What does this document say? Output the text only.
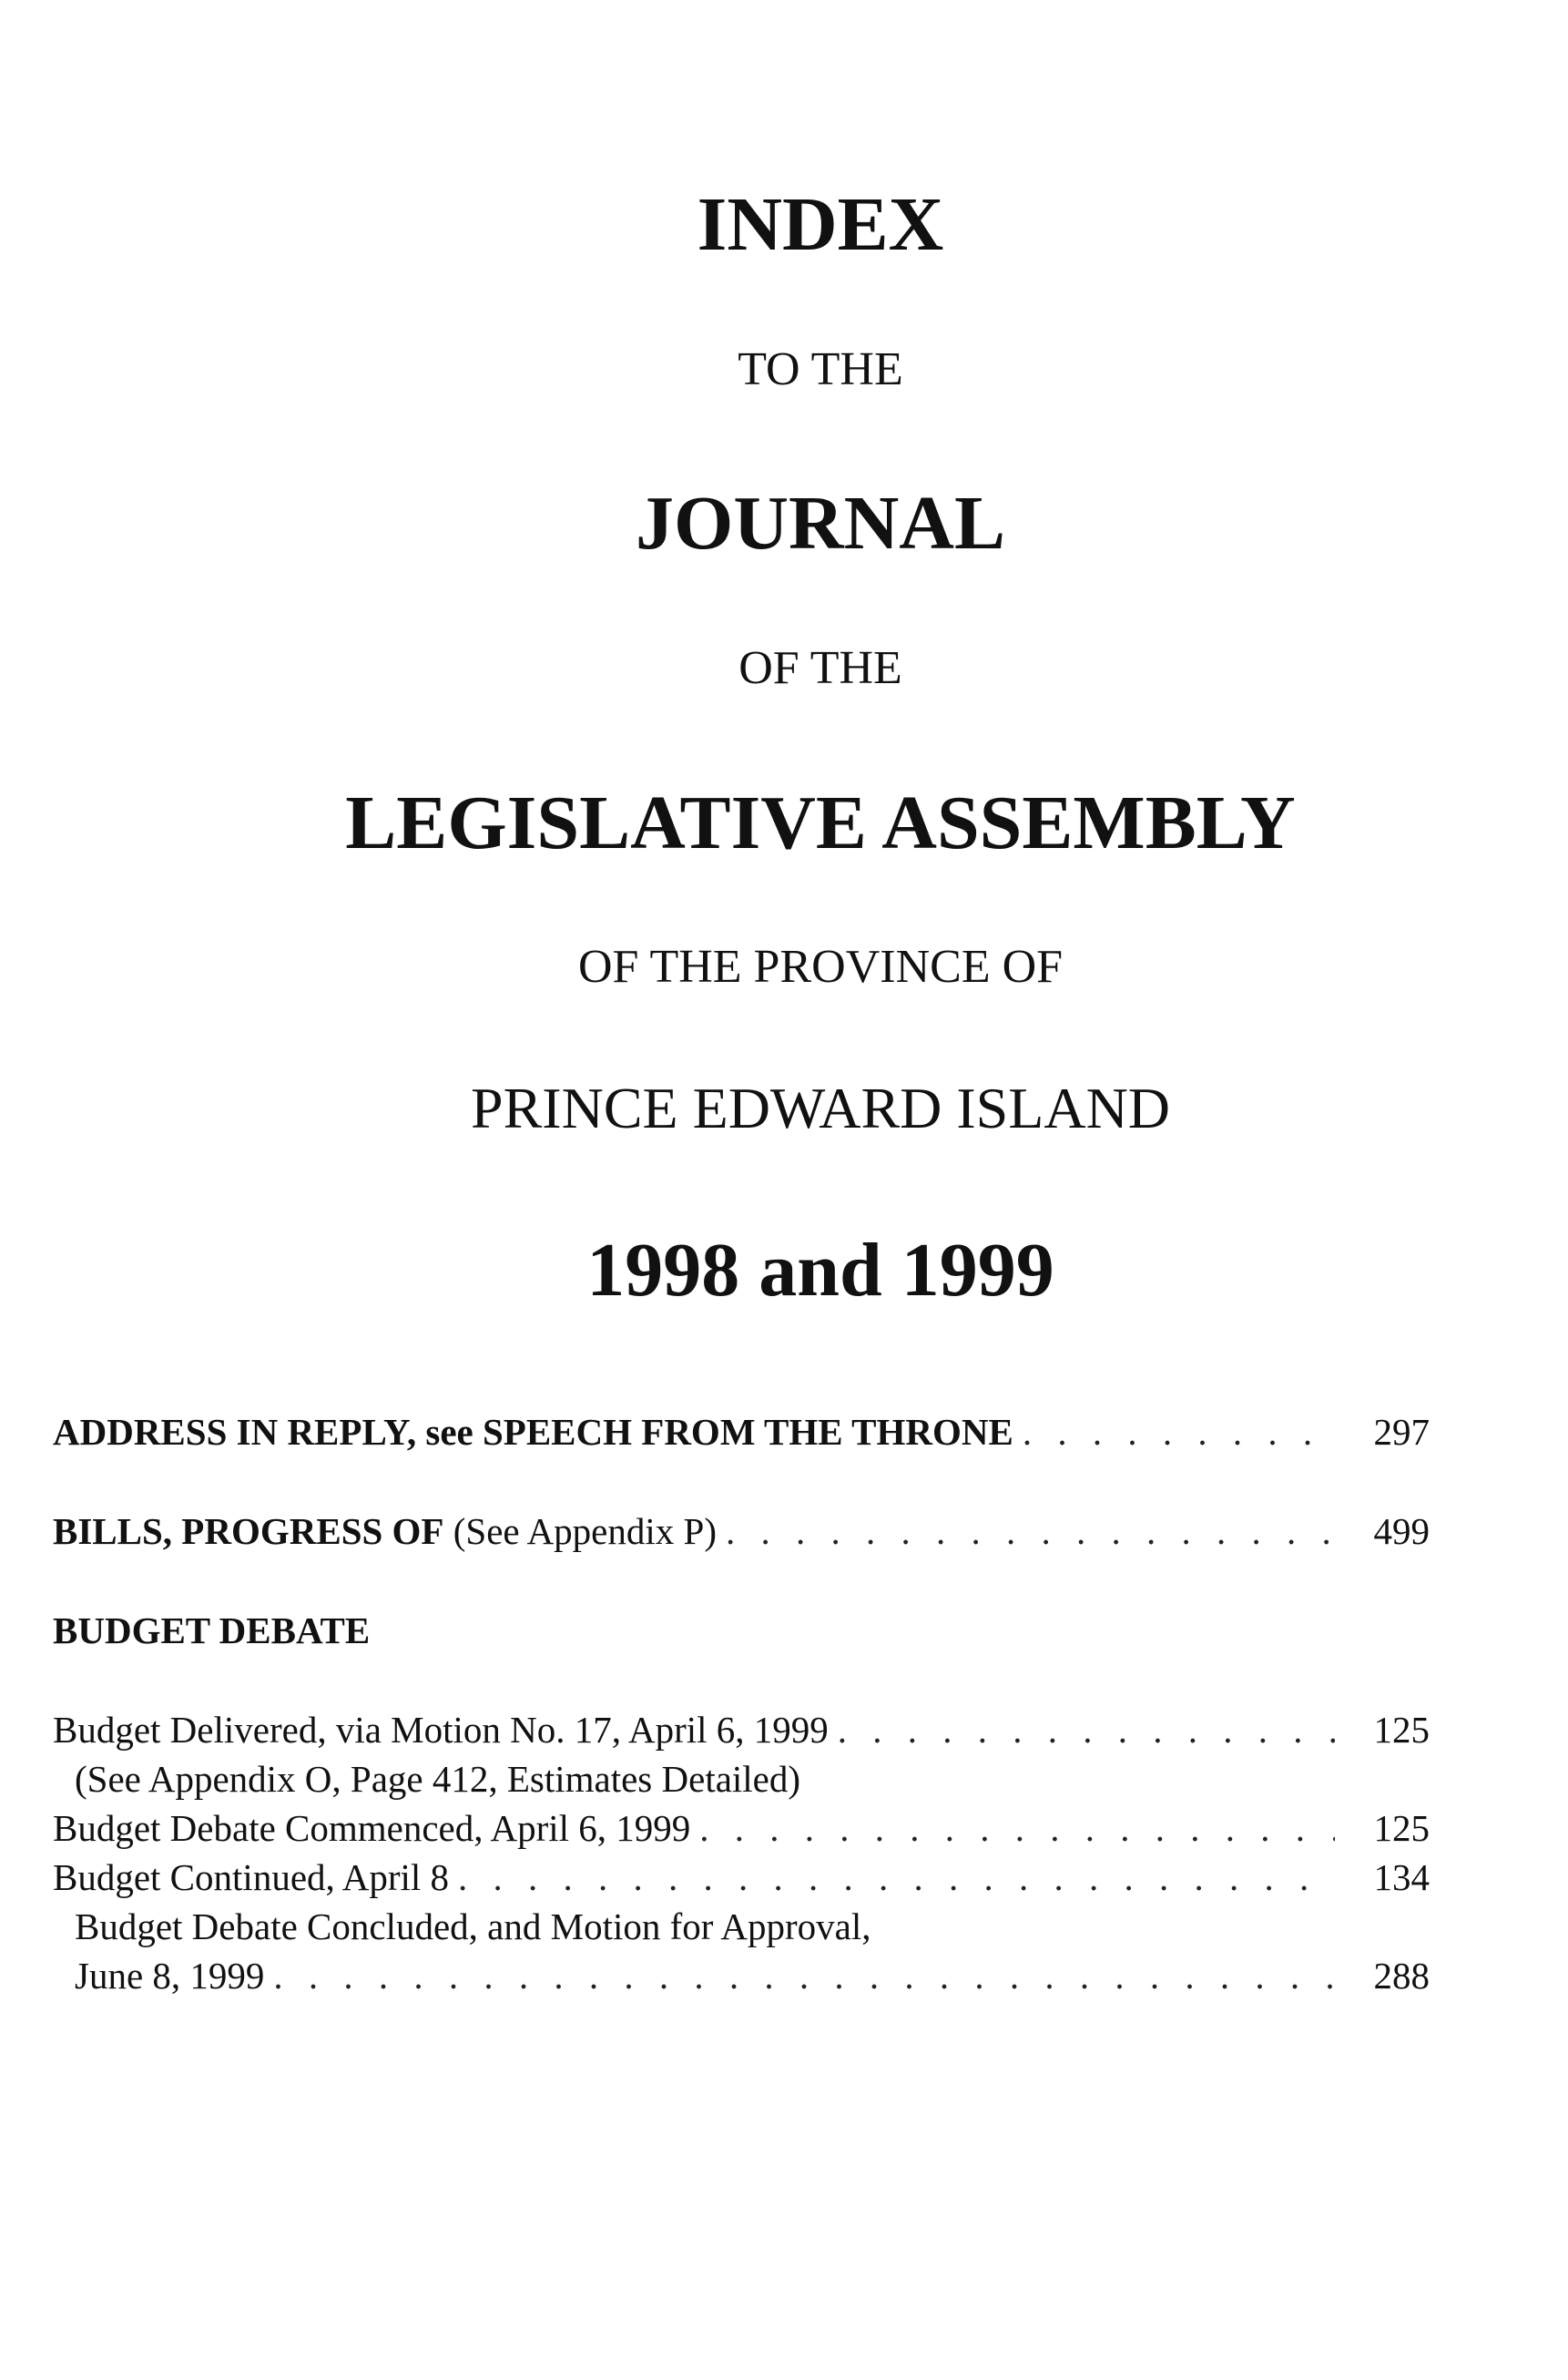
INDEX
TO THE
JOURNAL
OF THE
LEGISLATIVE ASSEMBLY
OF THE PROVINCE OF
PRINCE EDWARD ISLAND
1998 and 1999
ADDRESS IN REPLY, see SPEECH FROM THE THRONE . . .	297
BILLS, PROGRESS OF (See Appendix P) . . .	499
BUDGET DEBATE
Budget Delivered, via Motion No. 17, April 6, 1999 . . .	125
(See Appendix O, Page 412, Estimates Detailed)
Budget Debate Commenced, April 6, 1999 . . .	125
Budget Continued, April 8 . . .	134
Budget Debate Concluded, and Motion for Approval,
June 8, 1999 . . .	288
